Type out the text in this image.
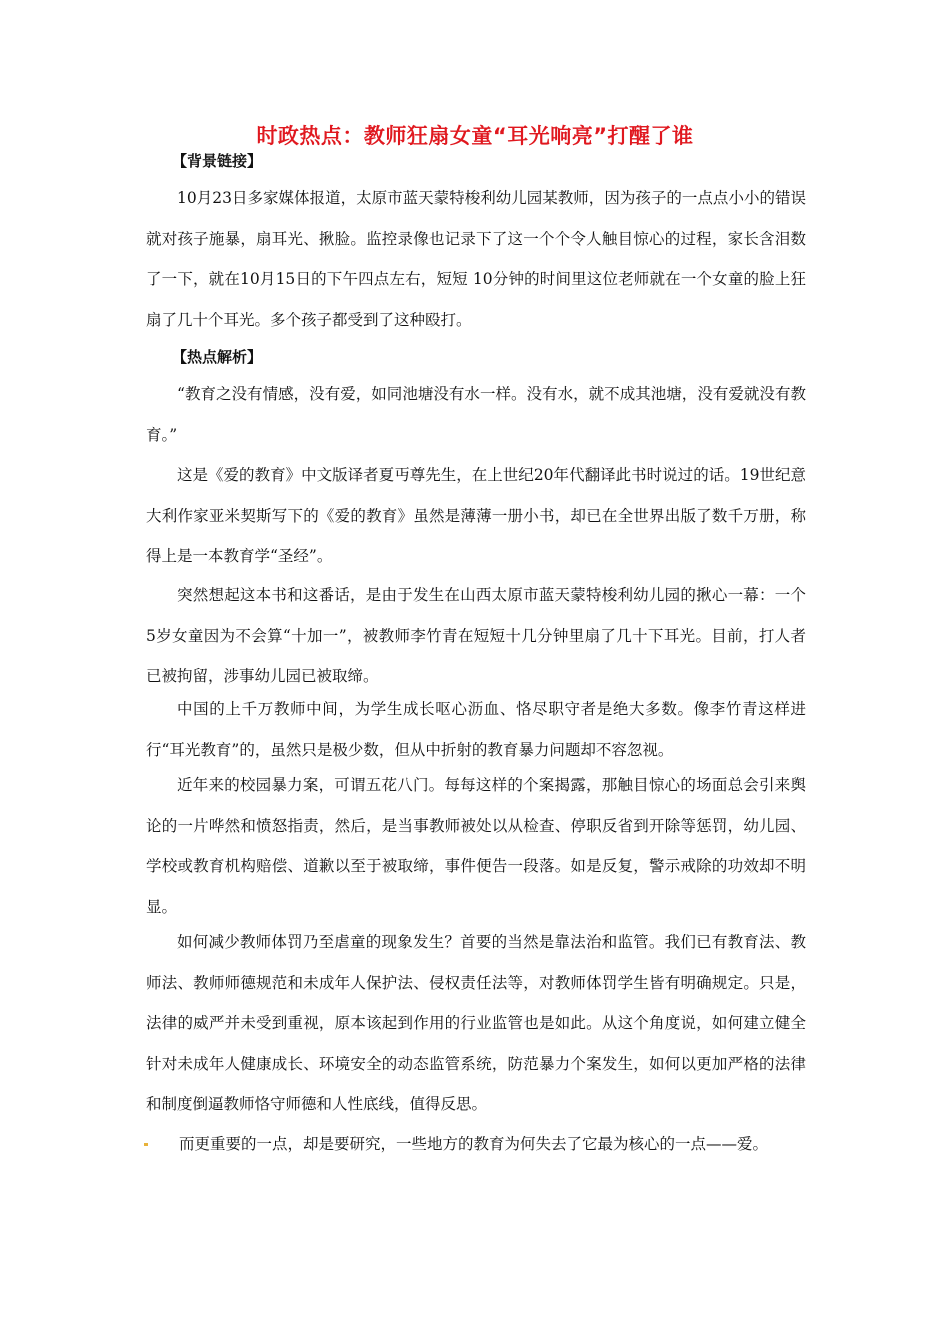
时政热点：教师狂扇女童“耳光响亮”打醒了谁
【背景链接】

10月23日多家媒体报道，太原市蓝天蒙特梭利幼儿园某教师，因为孩子的一点点小小的错误就对孩子施暴，扇耳光、揪脸。监控录像也记录下了这一个个令人触目惊心的过程，家长含泪数了一下，就在10月15日的下午四点左右，短短 10分钟的时间里这位老师就在一个女童的脸上狂扇了几十个耳光。多个孩子都受到了这种殴打。

【热点解析】

“教育之没有情感，没有爱，如同池塘没有水一样。没有水，就不成其池塘，没有爱就没有教育。”

这是《爱的教育》中文版译者夏丏尊先生，在上世纪20年代翻译此书时说过的话。19世纪意大利作家亚米契斯写下的《爱的教育》虽然是薄薄一册小书，却已在全世界出版了数千万册，称得上是一本教育学“圣经”。

突然想起这本书和这番话，是由于发生在山西太原市蓝天蒙特梭利幼儿园的揪心一幕：一个5岁女童因为不会算“十加一”，被教师李竹青在短短十几分钟里扇了几十下耳光。目前，打人者已被拘留，涉事幼儿园已被取缔。

中国的上千万教师中间，为学生成长呕心沥血、恪尽职守者是绝大多数。像李竹青这样进行“耳光教育”的，虽然只是极少数，但从中折射的教育暴力问题却不容忽视。

近年来的校园暴力案，可谓五花八门。每每这样的个案揭露，那触目惊心的场面总会引来舆论的一片哗然和愤怒指责，然后，是当事教师被处以从检查、停职反省到开除等惩罚，幼儿园、学校或教育机构赔偿、道歉以至于被取缔，事件便告一段落。如是反复，警示戒除的功效却不明显。

如何减少教师体罚乃至虐童的现象发生？首要的当然是靠法治和监管。我们已有教育法、教师法、教师师德规范和未成年人保护法、侵权责任法等，对教师体罚学生皆有明确规定。只是，法律的威严并未受到重视，原本该起到作用的行业监管也是如此。从这个角度说，如何建立健全针对未成年人健康成长、环境安全的动态监管系统，防范暴力个案发生，如何以更加严格的法律和制度倒逼教师恪守师德和人性底线，值得反思。

而更重要的一点，却是要研究，一些地方的教育为何失去了它最为核心的一点——爱。
